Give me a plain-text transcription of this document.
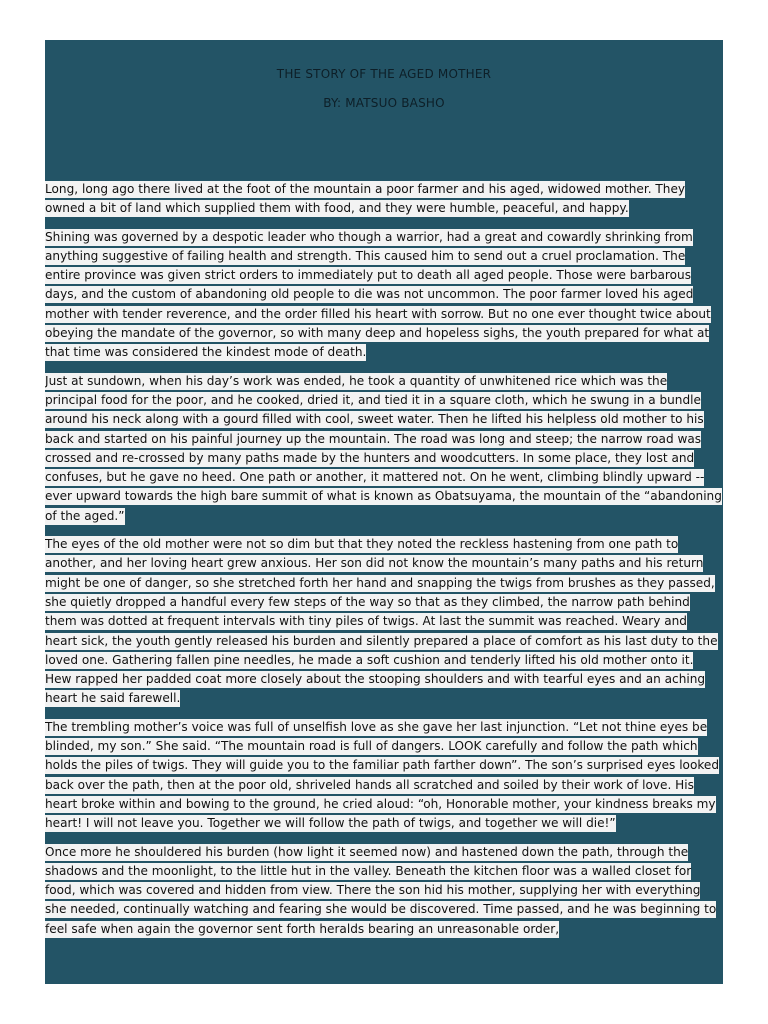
THE STORY OF THE AGED MOTHER

BY: MATSUO BASHO

Long, long ago there lived at the foot of the mountain a poor farmer and his aged, widowed mother. They owned a bit of land which supplied them with food, and they were humble, peaceful, and happy.

Shining was governed by a despotic leader who though a warrior, had a great and cowardly shrinking from anything suggestive of failing health and strength. This caused him to send out a cruel proclamation. The entire province was given strict orders to immediately put to death all aged people. Those were barbarous days, and the custom of abandoning old people to die was not uncommon. The poor farmer loved his aged mother with tender reverence, and the order filled his heart with sorrow. But no one ever thought twice about obeying the mandate of the governor, so with many deep and hopeless sighs, the youth prepared for what at that time was considered the kindest mode of death.

Just at sundown, when his day’s work was ended, he took a quantity of unwhitened rice which was the principal food for the poor, and he cooked, dried it, and tied it in a square cloth, which he swung in a bundle around his neck along with a gourd filled with cool, sweet water. Then he lifted his helpless old mother to his back and started on his painful journey up the mountain. The road was long and steep; the narrow road was crossed and re-crossed by many paths made by the hunters and woodcutters. In some place, they lost and confuses, but he gave no heed. One path or another, it mattered not. On he went, climbing blindly upward -- ever upward towards the high bare summit of what is known as Obatsuyama, the mountain of the “abandoning of the aged.”

The eyes of the old mother were not so dim but that they noted the reckless hastening from one path to another, and her loving heart grew anxious. Her son did not know the mountain’s many paths and his return might be one of danger, so she stretched forth her hand and snapping the twigs from brushes as they passed, she quietly dropped a handful every few steps of the way so that as they climbed, the narrow path behind them was dotted at frequent intervals with tiny piles of twigs. At last the summit was reached. Weary and heart sick, the youth gently released his burden and silently prepared a place of comfort as his last duty to the loved one. Gathering fallen pine needles, he made a soft cushion and tenderly lifted his old mother onto it. Hew rapped her padded coat more closely about the stooping shoulders and with tearful eyes and an aching heart he said farewell.

The trembling mother’s voice was full of unselfish love as she gave her last injunction. “Let not thine eyes be blinded, my son.” She said. “The mountain road is full of dangers. LOOK carefully and follow the path which holds the piles of twigs. They will guide you to the familiar path farther down”. The son’s surprised eyes looked back over the path, then at the poor old, shriveled hands all scratched and soiled by their work of love. His heart broke within and bowing to the ground, he cried aloud: “oh, Honorable mother, your kindness breaks my heart! I will not leave you. Together we will follow the path of twigs, and together we will die!”

Once more he shouldered his burden (how light it seemed now) and hastened down the path, through the shadows and the moonlight, to the little hut in the valley. Beneath the kitchen floor was a walled closet for food, which was covered and hidden from view. There the son hid his mother, supplying her with everything she needed, continually watching and fearing she would be discovered. Time passed, and he was beginning to feel safe when again the governor sent forth heralds bearing an unreasonable order,
